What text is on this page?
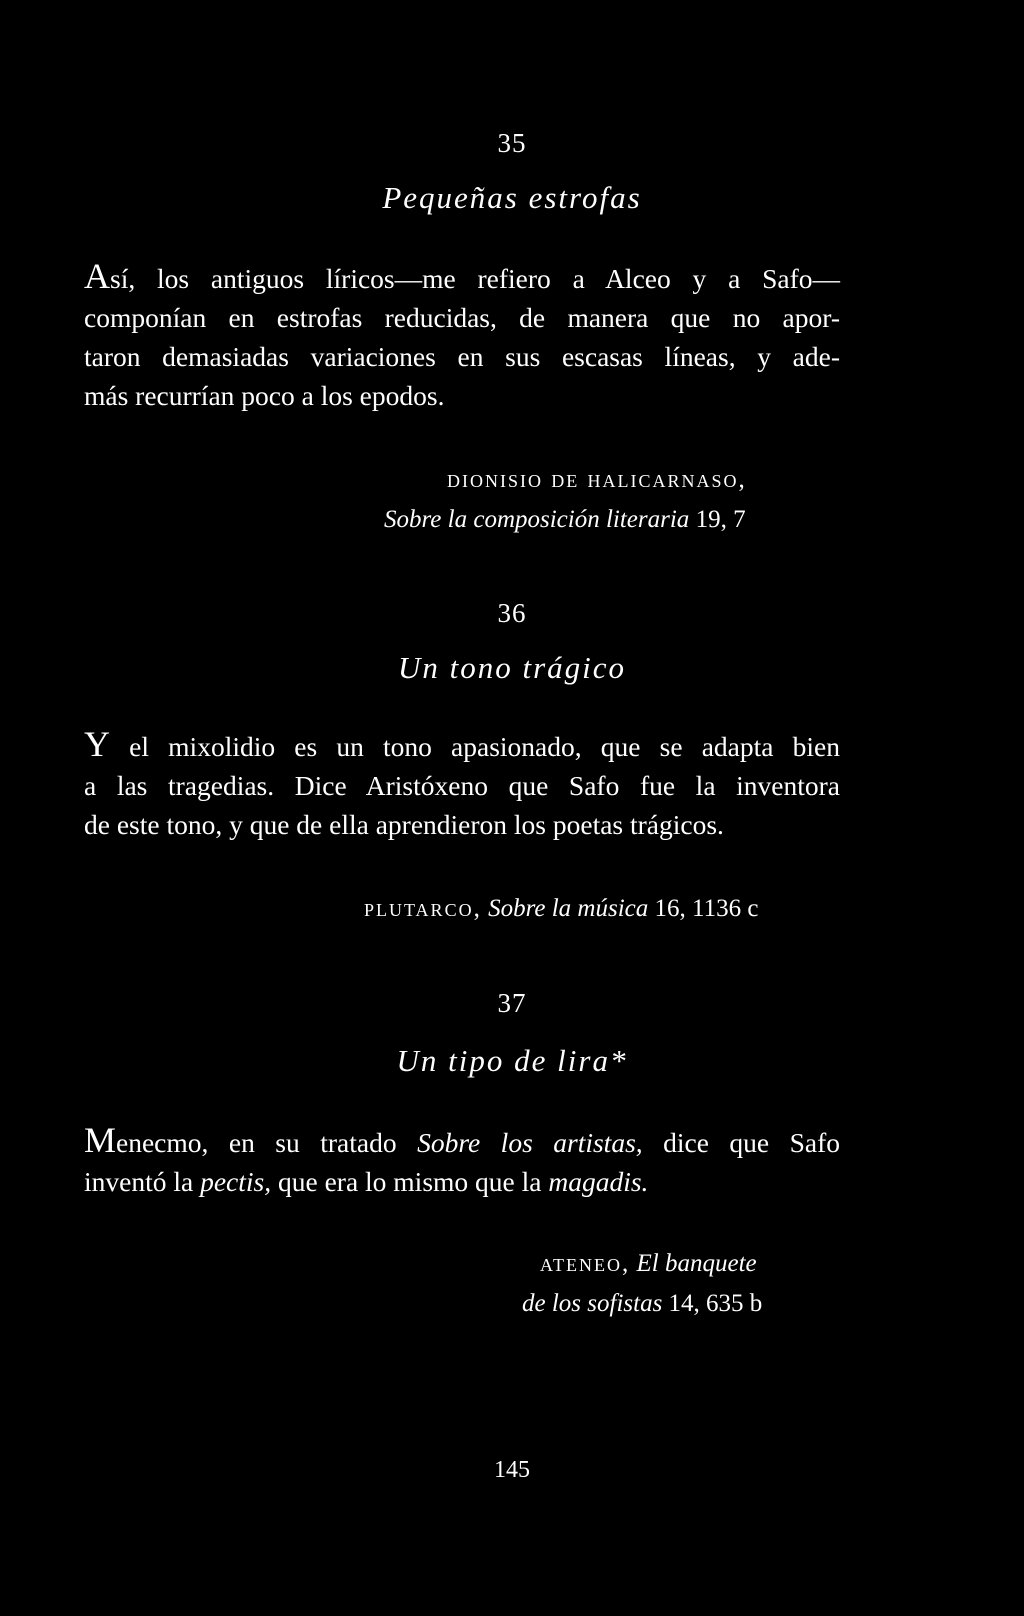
35
Pequeñas estrofas
Así, los antiguos líricos—me refiero a Alceo y a Safo—
componían en estrofas reducidas, de manera que no apor-
taron demasiadas variaciones en sus escasas líneas, y ade-
más recurrían poco a los epodos.
dionisio de halicarnaso,
Sobre la composición literaria 19, 7
36
Un tono trágico
Y el mixolidio es un tono apasionado, que se adapta bien
a las tragedias. Dice Aristóxeno que Safo fue la inventora
de este tono, y que de ella aprendieron los poetas trágicos.
plutarco, Sobre la música 16, 1136 c
37
Un tipo de lira*
Menecmo, en su tratado Sobre los artistas, dice que Safo
inventó la pectis, que era lo mismo que la magadis.
ateneo, El banquete
de los sofistas 14, 635 b
145
